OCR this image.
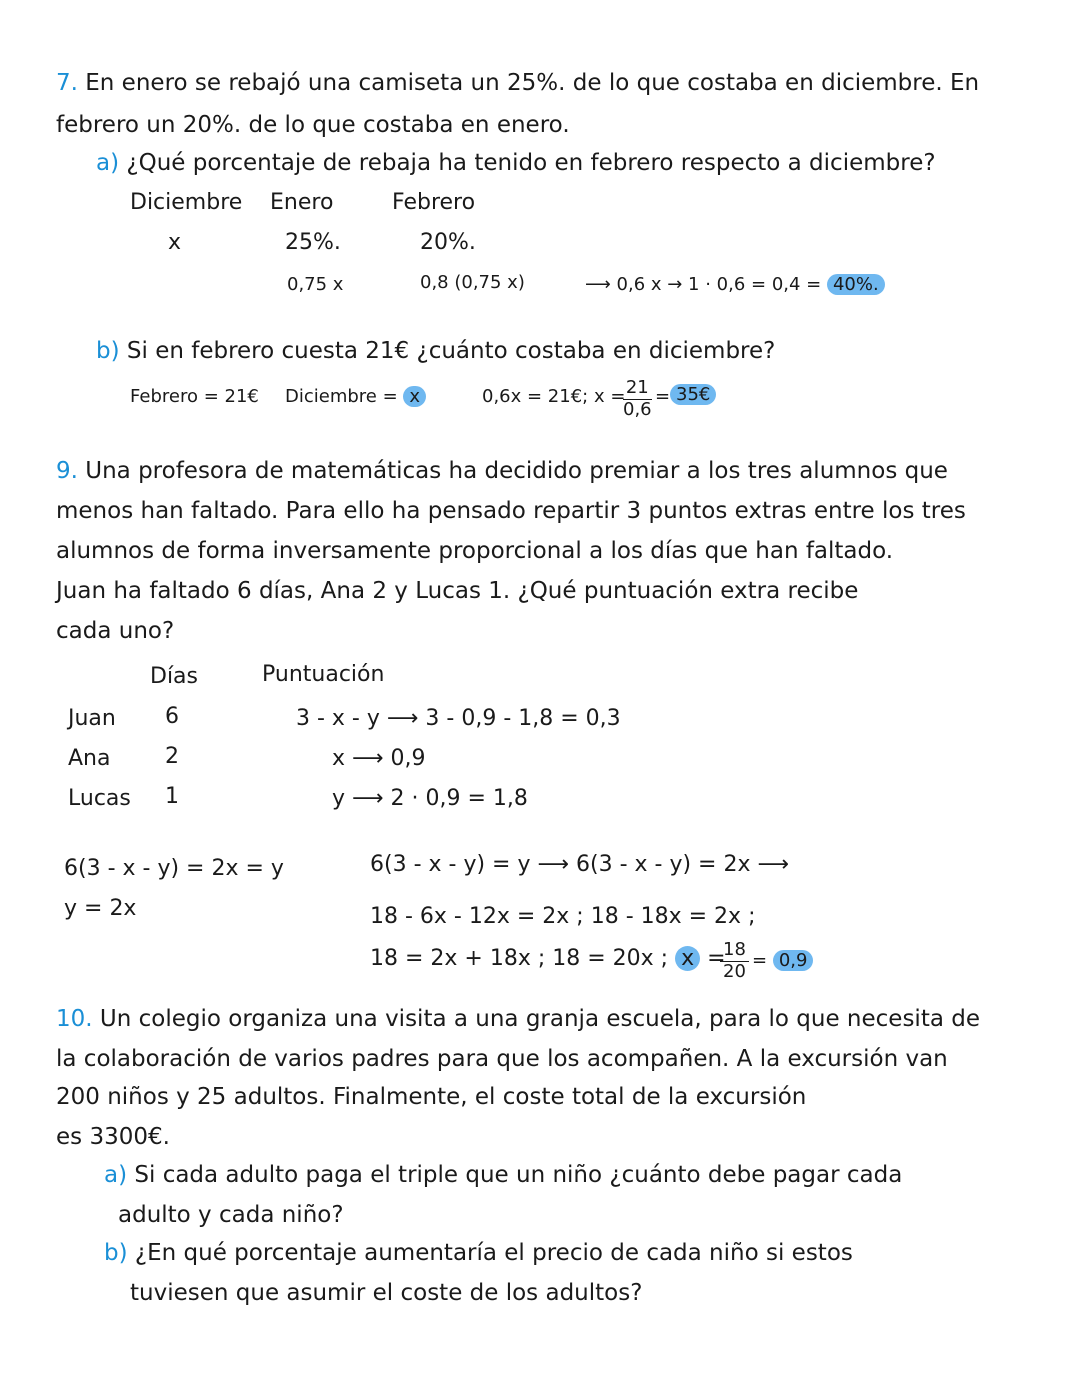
7. En enero se rebajó una camiseta un 25%. de lo que costaba en diciembre. En
febrero un 20%. de lo que costaba en enero.
a) ¿Qué porcentaje de rebaja ha tenido en febrero respecto a diciembre?
Diciembre Enero	Febrero
x	25%.	20%.
0,75 x	0,8 (0,75 x)	⟶ 0,6 x → 1 · 0,6 = 0,4 = 40%.
b) Si en febrero cuesta 21€ ¿cuánto costaba en diciembre?
Febrero = 21€ Diciembre = x	0,6x = 21€; x =
$\frac{21}{0,6}$ = 35€
9. Una profesora de matemáticas ha decidido premiar a los tres alumnos que
menos han faltado. Para ello ha pensado repartir 3 puntos extras entre los tres
alumnos de forma inversamente proporcional a los días que han faltado.
Juan ha faltado 6 días, Ana 2 y Lucas 1. ¿Qué puntuación extra recibe
cada uno?
Días	Puntuación
Juan 6	3 - x - y ⟶ 3 - 0,9 - 1,8 = 0,3
Ana 2	x ⟶ 0,9
Lucas 1	y ⟶ 2 · 0,9 = 1,8
6(3 - x - y) = 2x = y
y = 2x
6(3 - x - y) = y ⟶ 6(3 - x - y) = 2x ⟶
18 - 6x - 12x = 2x ; 18 - 18x = 2x ;
18 = 2x + 18x ; 18 = 20x ; x =
$\frac{18}{20} = 0,9$
10. Un colegio organiza una visita a una granja escuela, para lo que necesita de
la colaboración de varios padres para que los acompañen. A la excursión van
200 niños y 25 adultos. Finalmente, el coste total de la excursión
es 3300€.
a) Si cada adulto paga el triple que un niño ¿cuánto debe pagar cada
adulto y cada niño?
b) ¿En qué porcentaje aumentaría el precio de cada niño si estos
tuviesen que asumir el coste de los adultos?
